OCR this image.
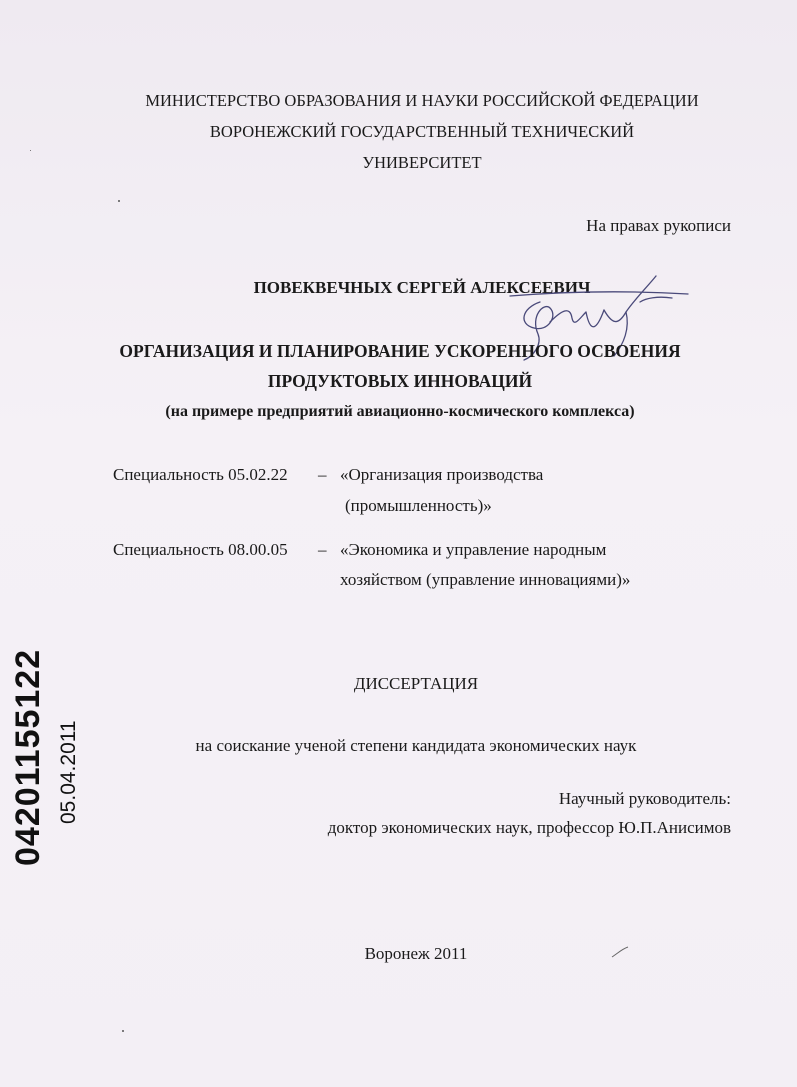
МИНИСТЕРСТВО ОБРАЗОВАНИЯ И НАУКИ РОССИЙСКОЙ ФЕДЕРАЦИИ
ВОРОНЕЖСКИЙ ГОСУДАРСТВЕННЫЙ ТЕХНИЧЕСКИЙ
УНИВЕРСИТЕТ
На правах рукописи
ПОВЕКВЕЧНЫХ СЕРГЕЙ АЛЕКСЕЕВИЧ
ОРГАНИЗАЦИЯ И ПЛАНИРОВАНИЕ УСКОРЕННОГО ОСВОЕНИЯ
ПРОДУКТОВЫХ ИННОВАЦИЙ
(на примере предприятий авиационно-космического комплекса)
Специальность 05.02.22 – «Организация производства
(промышленность)»
Специальность 08.00.05 – «Экономика и управление народным
хозяйством (управление инновациями)»
ДИССЕРТАЦИЯ
на соискание ученой степени кандидата экономических наук
Научный руководитель:
доктор экономических наук, профессор Ю.П.Анисимов
Воронеж 2011
04201155122 05.04.2011
